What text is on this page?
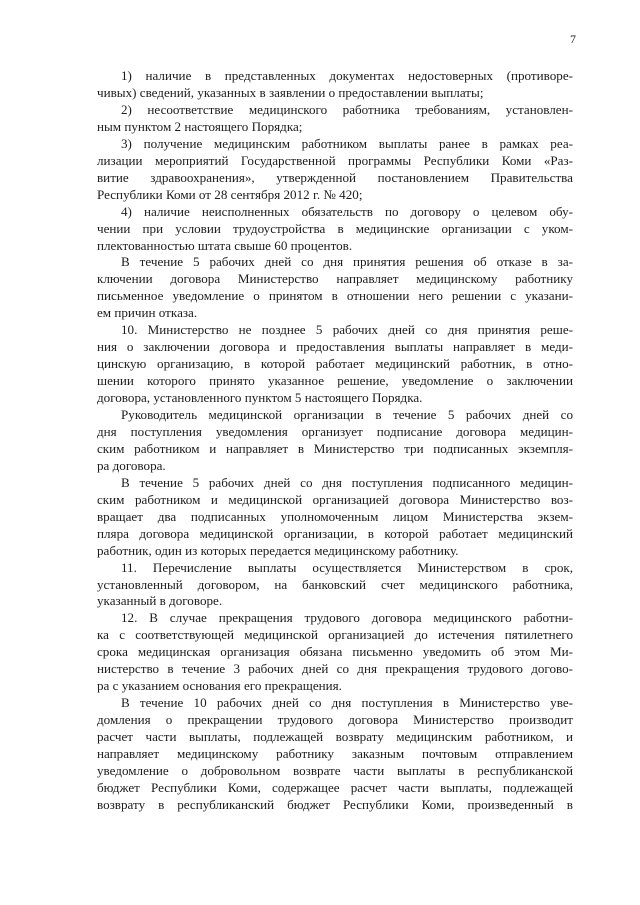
7
1) наличие в представленных документах недостоверных (противоре-
чивых) сведений, указанных в заявлении о предоставлении выплаты;
2) несоответствие медицинского работника требованиям, установлен-
ным пунктом 2 настоящего Порядка;
3) получение медицинским работником выплаты ранее в рамках реа-
лизации мероприятий Государственной программы Республики Коми «Раз-
витие здравоохранения», утвержденной постановлением Правительства
Республики Коми от 28 сентября 2012 г. № 420;
4) наличие неисполненных обязательств по договору о целевом обу-
чении при условии трудоустройства в медицинские организации с уком-
плектованностью штата свыше 60 процентов.
В течение 5 рабочих дней со дня принятия решения об отказе в за-
ключении договора Министерство направляет медицинскому работнику
письменное уведомление о принятом в отношении него решении с указани-
ем причин отказа.
10. Министерство не позднее 5 рабочих дней со дня принятия реше-
ния о заключении договора и предоставления выплаты направляет в меди-
цинскую организацию, в которой работает медицинский работник, в отно-
шении которого принято указанное решение, уведомление о заключении
договора, установленного пунктом 5 настоящего Порядка.
Руководитель медицинской организации в течение 5 рабочих дней со
дня поступления уведомления организует подписание договора медицин-
ским работником и направляет в Министерство три подписанных экземпля-
ра договора.
В течение 5 рабочих дней со дня поступления подписанного медицин-
ским работником и медицинской организацией договора Министерство воз-
вращает два подписанных уполномоченным лицом Министерства экзем-
пляра договора медицинской организации, в которой работает медицинский
работник, один из которых передается медицинскому работнику.
11. Перечисление выплаты осуществляется Министерством в срок,
установленный договором, на банковский счет медицинского работника,
указанный в договоре.
12. В случае прекращения трудового договора медицинского работни-
ка с соответствующей медицинской организацией до истечения пятилетнего
срока медицинская организация обязана письменно уведомить об этом Ми-
нистерство в течение 3 рабочих дней со дня прекращения трудового догово-
ра с указанием основания его прекращения.
В течение 10 рабочих дней со дня поступления в Министерство уве-
домления о прекращении трудового договора Министерство производит
расчет части выплаты, подлежащей возврату медицинским работником, и
направляет медицинскому работнику заказным почтовым отправлением
уведомление о добровольном возврате части выплаты в республиканской
бюджет Республики Коми, содержащее расчет части выплаты, подлежащей
возврату в республиканский бюджет Республики Коми, произведенный в
